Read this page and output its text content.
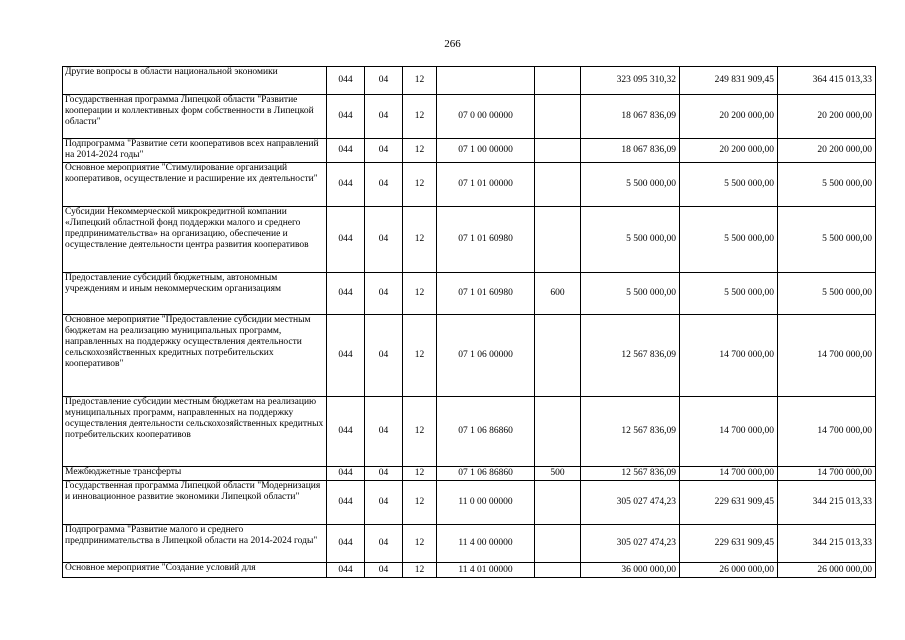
266
Другие вопросы в области национальной экономики	044	04	12			323 095 310,32	249 831 909,45	364 415 013,33
Государственная программа Липецкой области "Развитие кооперации и коллективных форм собственности в Липецкой области"	044	04	12	07 0 00 00000		18 067 836,09	20 200 000,00	20 200 000,00
Подпрограмма "Развитие сети кооперативов всех направлений на 2014-2024 годы"	044	04	12	07 1 00 00000		18 067 836,09	20 200 000,00	20 200 000,00
Основное мероприятие "Стимулирование организаций кооперативов, осуществление и расширение их деятельности"	044	04	12	07 1 01 00000		5 500 000,00	5 500 000,00	5 500 000,00
Субсидии Некоммерческой микрокредитной компании «Липецкий областной фонд поддержки малого и среднего предпринимательства» на организацию, обеспечение и осуществление деятельности центра развития кооперативов	044	04	12	07 1 01 60980		5 500 000,00	5 500 000,00	5 500 000,00
Предоставление субсидий бюджетным, автономным учреждениям и иным некоммерческим организациям	044	04	12	07 1 01 60980	600	5 500 000,00	5 500 000,00	5 500 000,00
Основное мероприятие "Предоставление субсидии местным бюджетам на реализацию муниципальных программ, направленных на поддержку осуществления деятельности сельскохозяйственных кредитных потребительских кооперативов"	044	04	12	07 1 06 00000		12 567 836,09	14 700 000,00	14 700 000,00
Предоставление субсидии местным бюджетам на реализацию муниципальных программ, направленных на поддержку осуществления деятельности сельскохозяйственных кредитных потребительских кооперативов	044	04	12	07 1 06 86860		12 567 836,09	14 700 000,00	14 700 000,00
Межбюджетные трансферты	044	04	12	07 1 06 86860	500	12 567 836,09	14 700 000,00	14 700 000,00
Государственная программа Липецкой области "Модернизация и инновационное развитие экономики Липецкой области"	044	04	12	11 0 00 00000		305 027 474,23	229 631 909,45	344 215 013,33
Подпрограмма "Развитие малого и среднего предпринимательства в Липецкой области на 2014-2024 годы"	044	04	12	11 4 00 00000		305 027 474,23	229 631 909,45	344 215 013,33
Основное мероприятие "Создание условий для	044	04	12	11 4 01 00000		36 000 000,00	26 000 000,00	26 000 000,00
